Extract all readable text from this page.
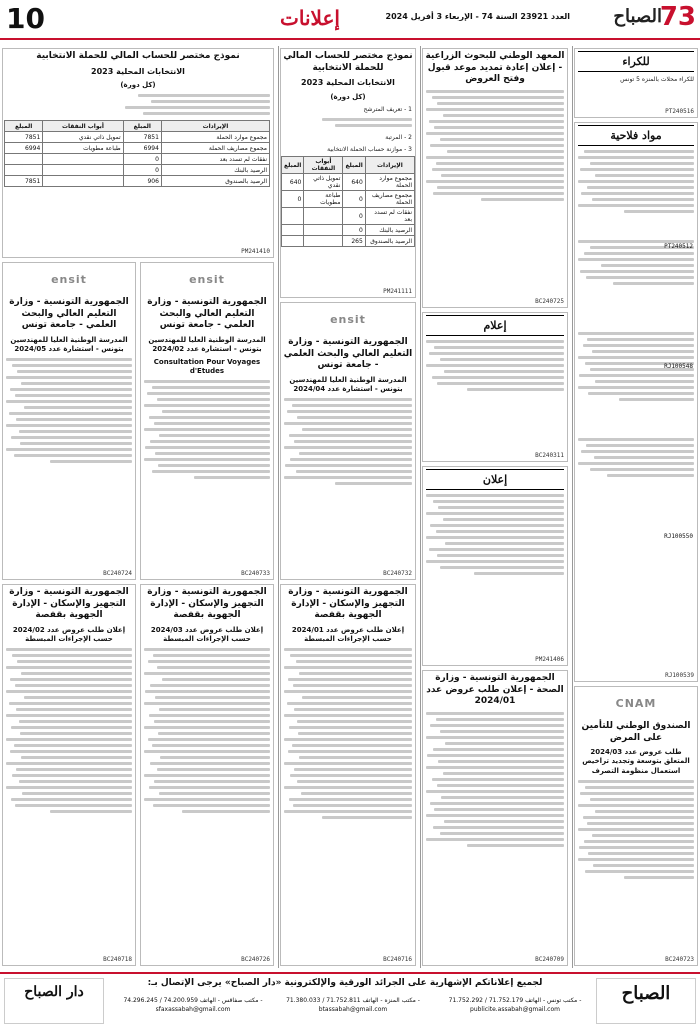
10	إعلانات	العدد 23921 السنة 74 - الإربعاء 3 أفريل 2024	73
الصباح
للكراء
للكراء محلات بالمنزه 5 تونس
PT240516
مواد فلاحية
PT240512
RJ100548
RJ100550
RJ100539
CNAM
الصندوق الوطني للتأمين على المرض
طلب عروض عدد 2024/03 المتعلق بتوسعة وتجديد تراخيص استعمال منظومة التصرف
BC240723
المعهد الوطني للبحوث الزراعية - إعلان إعادة تمديد موعد قبول وفتح العروض
BC240725
إعلام
BC240311
إعلان
PM241406
الجمهورية التونسية - وزارة الصحة - إعلان طلب عروض عدد 2024/01
BC240709
نموذج مختصر للحساب المالي للحملة الانتخابية
الانتخابات المحلية 2023
(كل دورة)
1 - تعريف المترشح
2 - المرتبة
3 - موازنة حساب الحملة الانتخابية
الإيرادات	المبلغ	أبواب النفقات	المبلغ
مجموع موارد الحملة	640	تمويل ذاتي نقدي	640
مجموع مصاريف الحملة	0	طباعة مطويات	0
نفقات لم تسدد بعد	0		
الرصيد بالبنك	0		
الرصيد بالصندوق	265		
PM241111
ensit
الجمهورية التونسية - وزارة التعليم العالي والبحث العلمي - جامعة تونس
المدرسة الوطنية العليا للمهندسين بتونس - استشارة عدد 2024/04
BC240732
الجمهورية التونسية - وزارة التجهيز والإسكان - الإدارة الجهوية بقفصة
إعلان طلب عروض عدد 2024/01 حسب الإجراءات المبسطة
BC240716
نموذج مختصر للحساب المالي للحملة الانتخابية
الانتخابات المحلية 2023
(كل دورة)
الإيرادات	المبلغ	أبواب النفقات	المبلغ
مجموع موارد الحملة	7851	تمويل ذاتي نقدي	7851
مجموع مصاريف الحملة	6994	طباعة مطويات	6994
نفقات لم تسدد بعد	0		
الرصيد بالبنك	0		
الرصيد بالصندوق	906		7851
PM241410
ensit
الجمهورية التونسية - وزارة التعليم العالي والبحث العلمي - جامعة تونس
المدرسة الوطنية العليا للمهندسين بتونس - استشارة عدد 2024/02
Consultation Pour Voyages d'Etudes
BC240733
ensit
الجمهورية التونسية - وزارة التعليم العالي والبحث العلمي - جامعة تونس
المدرسة الوطنية العليا للمهندسين بتونس - استشارة عدد 2024/05
BC240724
الجمهورية التونسية - وزارة التجهيز والإسكان - الإدارة الجهوية بقفصة
إعلان طلب عروض عدد 2024/03 حسب الإجراءات المبسطة
BC240726
الجمهورية التونسية - وزارة التجهيز والإسكان - الإدارة الجهوية بقفصة
إعلان طلب عروض عدد 2024/02 حسب الإجراءات المبسطة
BC240718
الصباح
دار الصباح
لجميع إعلاناتكم الإشهارية على الجرائد الورقية والإلكترونية «دار الصباح» يرجى الإتصال بـ:
مكتب تونس - الهاتف 71.752.179 / 71.752.292 - publicite.assabah@gmail.com
مكتب المنزه - الهاتف 71.752.811 / 71.380.033 - btassabah@gmail.com
مكتب صفاقس - الهاتف 74.200.959 / 74.296.245 - sfaxassabah@gmail.com
